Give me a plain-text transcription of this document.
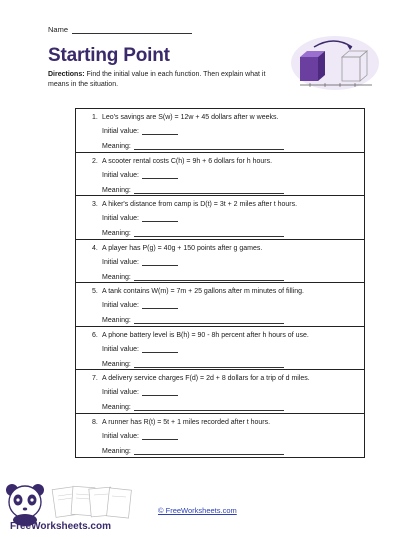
Name
Starting Point
Directions: Find the initial value in each function. Then explain what it means in the situation.
1. Leo's savings are S(w) = 12w + 45 dollars after w weeks.
Initial value:
Meaning:
2. A scooter rental costs C(h) = 9h + 6 dollars for h hours.
Initial value:
Meaning:
3. A hiker's distance from camp is D(t) = 3t + 2 miles after t hours.
Initial value:
Meaning:
4. A player has P(g) = 40g + 150 points after g games.
Initial value:
Meaning:
5. A tank contains W(m) = 7m + 25 gallons after m minutes of filling.
Initial value:
Meaning:
6. A phone battery level is B(h) = 90 - 8h percent after h hours of use.
Initial value:
Meaning:
7. A delivery service charges F(d) = 2d + 8 dollars for a trip of d miles.
Initial value:
Meaning:
8. A runner has R(t) = 5t + 1 miles recorded after t hours.
Initial value:
Meaning:
FreeWorksheets.com
© FreeWorksheets.com
